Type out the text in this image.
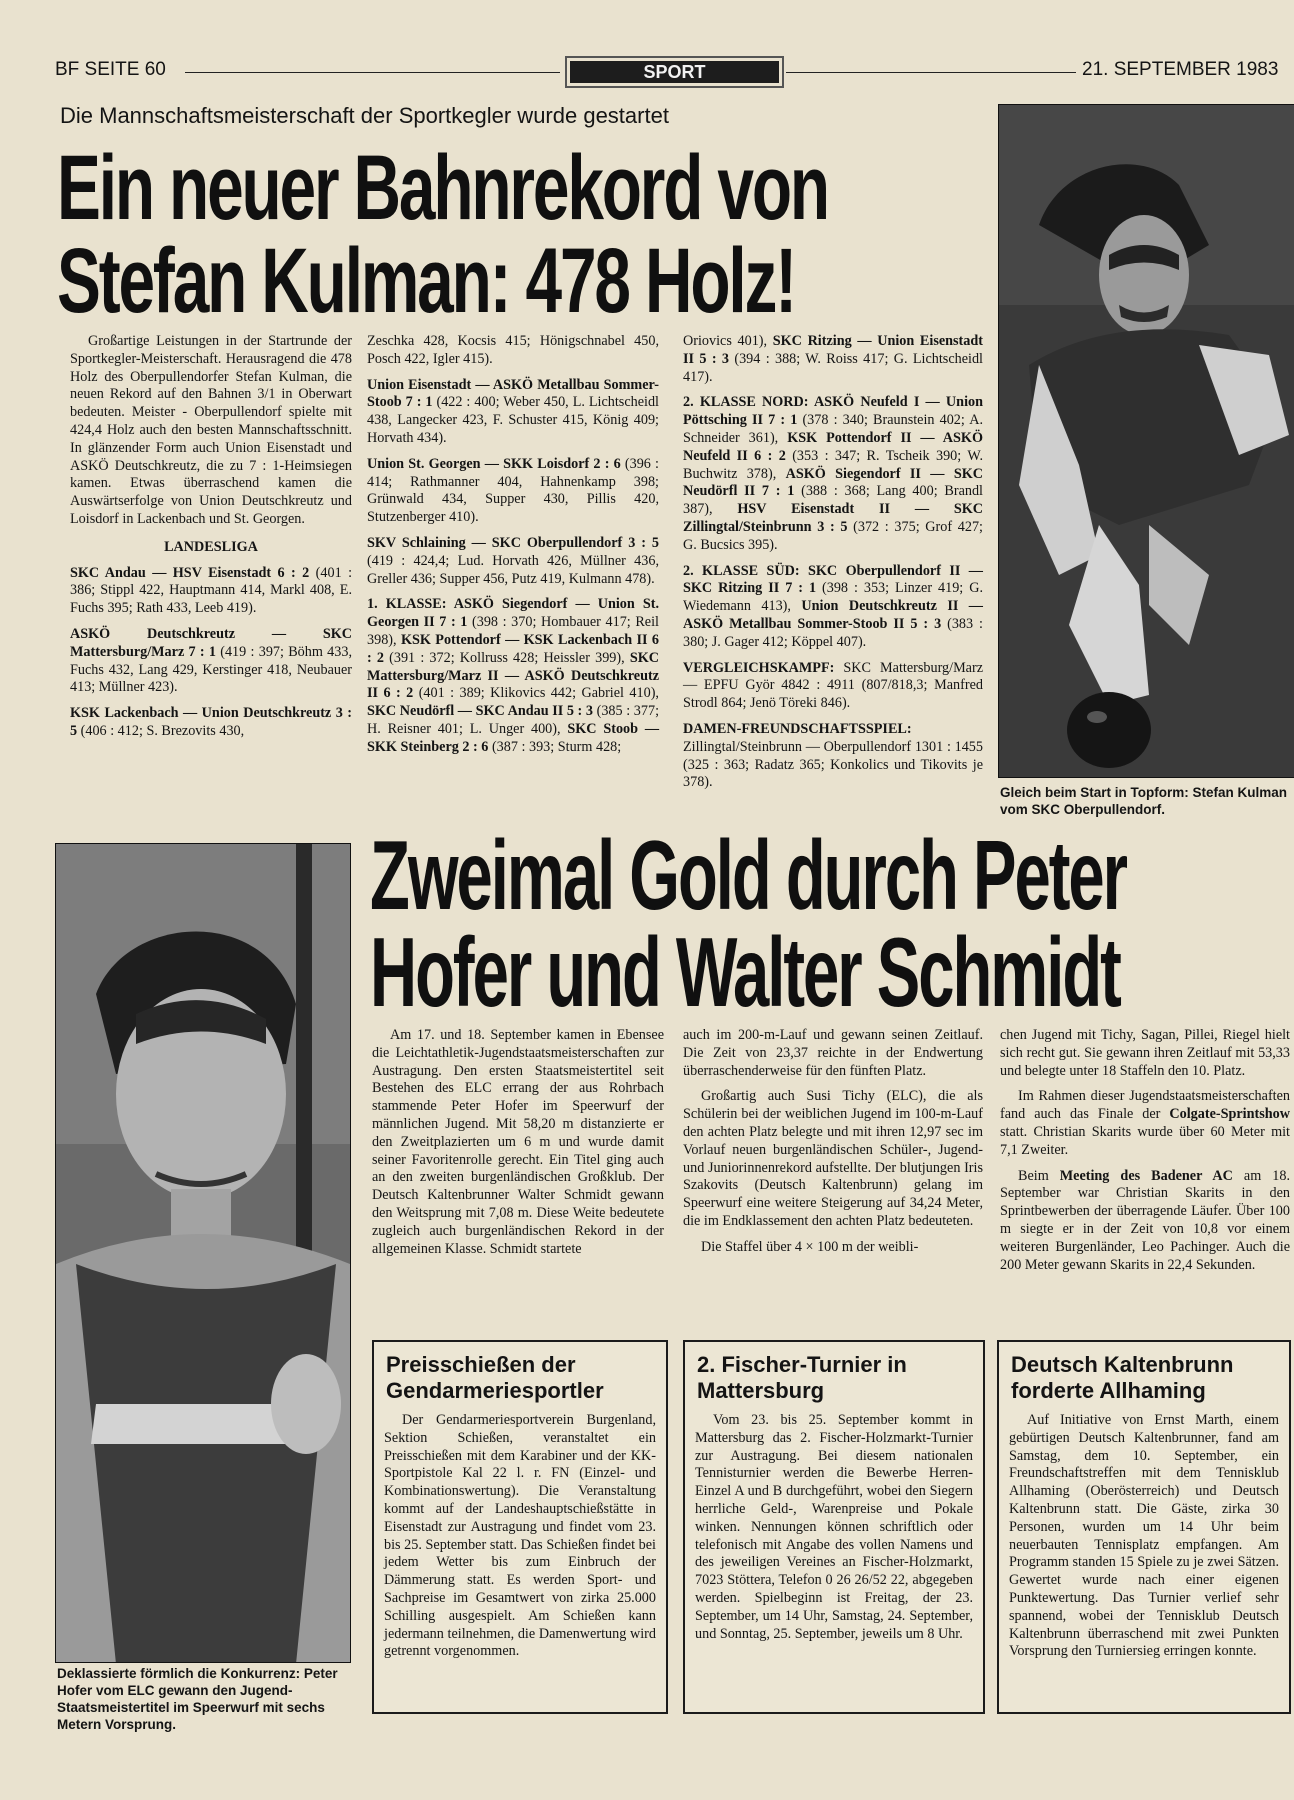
BF SEITE 60	SPORT	21. SEPTEMBER 1983
Die Mannschaftsmeisterschaft der Sportkegler wurde gestartet
Ein neuer Bahnrekord von
Stefan Kulman: 478 Holz!

Großartige Leistungen in der Startrunde der Sportkegler-Meisterschaft. Herausragend die 478 Holz des Oberpullendorfer Stefan Kulman, die neuen Rekord auf den Bahnen 3/1 in Oberwart bedeuten. Meister - Oberpullendorf spielte mit 424,4 Holz auch den besten Mannschaftsschnitt. In glänzender Form auch Union Eisenstadt und ASKÖ Deutschkreutz, die zu 7 : 1-Heimsiegen kamen. Etwas überraschend kamen die Auswärtserfolge von Union Deutschkreutz und Loisdorf in Lackenbach und St. Georgen.

LANDESLIGA

SKC Andau — HSV Eisenstadt 6 : 2 (401 : 386; Stippl 422, Hauptmann 414, Markl 408, E. Fuchs 395; Rath 433, Leeb 419).

ASKÖ Deutschkreutz — SKC Mattersburg/Marz 7 : 1 (419 : 397; Böhm 433, Fuchs 432, Lang 429, Kerstinger 418, Neubauer 413; Müllner 423).

KSK Lackenbach — Union Deutschkreutz 3 : 5 (406 : 412; S. Brezovits 430,

Zeschka 428, Kocsis 415; Hönigschnabel 450, Posch 422, Igler 415).

Union Eisenstadt — ASKÖ Metallbau Sommer-Stoob 7 : 1 (422 : 400; Weber 450, L. Lichtscheidl 438, Langecker 423, F. Schuster 415, König 409; Horvath 434).

Union St. Georgen — SKK Loisdorf 2 : 6 (396 : 414; Rathmanner 404, Hahnenkamp 398; Grünwald 434, Supper 430, Pillis 420, Stutzenberger 410).

SKV Schlaining — SKC Oberpullendorf 3 : 5 (419 : 424,4; Lud. Horvath 426, Müllner 436, Greller 436; Supper 456, Putz 419, Kulmann 478).

1. KLASSE: ASKÖ Siegendorf — Union St. Georgen II 7 : 1 (398 : 370; Hombauer 417; Reil 398), KSK Pottendorf — KSK Lackenbach II 6 : 2 (391 : 372; Kollruss 428; Heissler 399), SKC Mattersburg/Marz II — ASKÖ Deutschkreutz II 6 : 2 (401 : 389; Klikovics 442; Gabriel 410), SKC Neudörfl — SKC Andau II 5 : 3 (385 : 377; H. Reisner 401; L. Unger 400), SKC Stoob — SKK Steinberg 2 : 6 (387 : 393; Sturm 428;

Oriovics 401), SKC Ritzing — Union Eisenstadt II 5 : 3 (394 : 388; W. Roiss 417; G. Lichtscheidl 417).

2. KLASSE NORD: ASKÖ Neufeld I — Union Pöttsching II 7 : 1 (378 : 340; Braunstein 402; A. Schneider 361), KSK Pottendorf II — ASKÖ Neufeld II 6 : 2 (353 : 347; R. Tscheik 390; W. Buchwitz 378), ASKÖ Siegendorf II — SKC Neudörfl II 7 : 1 (388 : 368; Lang 400; Brandl 387), HSV Eisenstadt II — SKC Zillingtal/Steinbrunn 3 : 5 (372 : 375; Grof 427; G. Bucsics 395).

2. KLASSE SÜD: SKC Oberpullendorf II — SKC Ritzing II 7 : 1 (398 : 353; Linzer 419; G. Wiedemann 413), Union Deutschkreutz II — ASKÖ Metallbau Sommer-Stoob II 5 : 3 (383 : 380; J. Gager 412; Köppel 407).

VERGLEICHSKAMPF: SKC Mattersburg/Marz — EPFU Györ 4842 : 4911 (807/818,3; Manfred Strodl 864; Jenö Töreki 846).

DAMEN-FREUNDSCHAFTSSPIEL: Zillingtal/Steinbrunn — Oberpullendorf 1301 : 1455 (325 : 363; Radatz 365; Konkolics und Tikovits je 378).

Gleich beim Start in Topform: Stefan Kulman vom SKC Oberpullendorf.
Deklassierte förmlich die Konkurrenz: Peter Hofer vom ELC gewann den Jugend-Staatsmeistertitel im Speerwurf mit sechs Metern Vorsprung.
Zweimal Gold durch Peter
Hofer und Walter Schmidt

Am 17. und 18. September kamen in Ebensee die Leichtathletik-Jugendstaatsmeisterschaften zur Austragung. Den ersten Staatsmeistertitel seit Bestehen des ELC errang der aus Rohrbach stammende Peter Hofer im Speerwurf der männlichen Jugend. Mit 58,20 m distanzierte er den Zweitplazierten um 6 m und wurde damit seiner Favoritenrolle gerecht. Ein Titel ging auch an den zweiten burgenländischen Großklub. Der Deutsch Kaltenbrunner Walter Schmidt gewann den Weitsprung mit 7,08 m. Diese Weite bedeutete zugleich auch burgenländischen Rekord in der allgemeinen Klasse. Schmidt startete

auch im 200-m-Lauf und gewann seinen Zeitlauf. Die Zeit von 23,37 reichte in der Endwertung überraschenderweise für den fünften Platz.

Großartig auch Susi Tichy (ELC), die als Schülerin bei der weiblichen Jugend im 100-m-Lauf den achten Platz belegte und mit ihren 12,97 sec im Vorlauf neuen burgenländischen Schüler-, Jugend- und Juniorinnenrekord aufstellte. Der blutjungen Iris Szakovits (Deutsch Kaltenbrunn) gelang im Speerwurf eine weitere Steigerung auf 34,24 Meter, die im Endklassement den achten Platz bedeuteten.

Die Staffel über 4 × 100 m der weibli-

chen Jugend mit Tichy, Sagan, Pillei, Riegel hielt sich recht gut. Sie gewann ihren Zeitlauf mit 53,33 und belegte unter 18 Staffeln den 10. Platz.

Im Rahmen dieser Jugendstaatsmeisterschaften fand auch das Finale der Colgate-Sprintshow statt. Christian Skarits wurde über 60 Meter mit 7,1 Zweiter.

Beim Meeting des Badener AC am 18. September war Christian Skarits in den Sprintbewerben der überragende Läufer. Über 100 m siegte er in der Zeit von 10,8 vor einem weiteren Burgenländer, Leo Pachinger. Auch die 200 Meter gewann Skarits in 22,4 Sekunden.

Preisschießen der Gendarmeriesportler

Der Gendarmeriesportverein Burgenland, Sektion Schießen, veranstaltet ein Preisschießen mit dem Karabiner und der KK-Sportpistole Kal 22 l. r. FN (Einzel- und Kombinationswertung). Die Veranstaltung kommt auf der Landeshauptschießstätte in Eisenstadt zur Austragung und findet vom 23. bis 25. September statt. Das Schießen findet bei jedem Wetter bis zum Einbruch der Dämmerung statt. Es werden Sport- und Sachpreise im Gesamtwert von zirka 25.000 Schilling ausgespielt. Am Schießen kann jedermann teilnehmen, die Damenwertung wird getrennt vorgenommen.

2. Fischer-Turnier in Mattersburg

Vom 23. bis 25. September kommt in Mattersburg das 2. Fischer-Holzmarkt-Turnier zur Austragung. Bei diesem nationalen Tennisturnier werden die Bewerbe Herren-Einzel A und B durchgeführt, wobei den Siegern herrliche Geld-, Warenpreise und Pokale winken. Nennungen können schriftlich oder telefonisch mit Angabe des vollen Namens und des jeweiligen Vereines an Fischer-Holzmarkt, 7023 Stöttera, Telefon 0 26 26/52 22, abgegeben werden. Spielbeginn ist Freitag, der 23. September, um 14 Uhr, Samstag, 24. September, und Sonntag, 25. September, jeweils um 8 Uhr.

Deutsch Kaltenbrunn forderte Allhaming

Auf Initiative von Ernst Marth, einem gebürtigen Deutsch Kaltenbrunner, fand am Samstag, dem 10. September, ein Freundschaftstreffen mit dem Tennisklub Allhaming (Oberösterreich) und Deutsch Kaltenbrunn statt. Die Gäste, zirka 30 Personen, wurden um 14 Uhr beim neuerbauten Tennisplatz empfangen. Am Programm standen 15 Spiele zu je zwei Sätzen. Gewertet wurde nach einer eigenen Punktewertung. Das Turnier verlief sehr spannend, wobei der Tennisklub Deutsch Kaltenbrunn überraschend mit zwei Punkten Vorsprung den Turniersieg erringen konnte.
